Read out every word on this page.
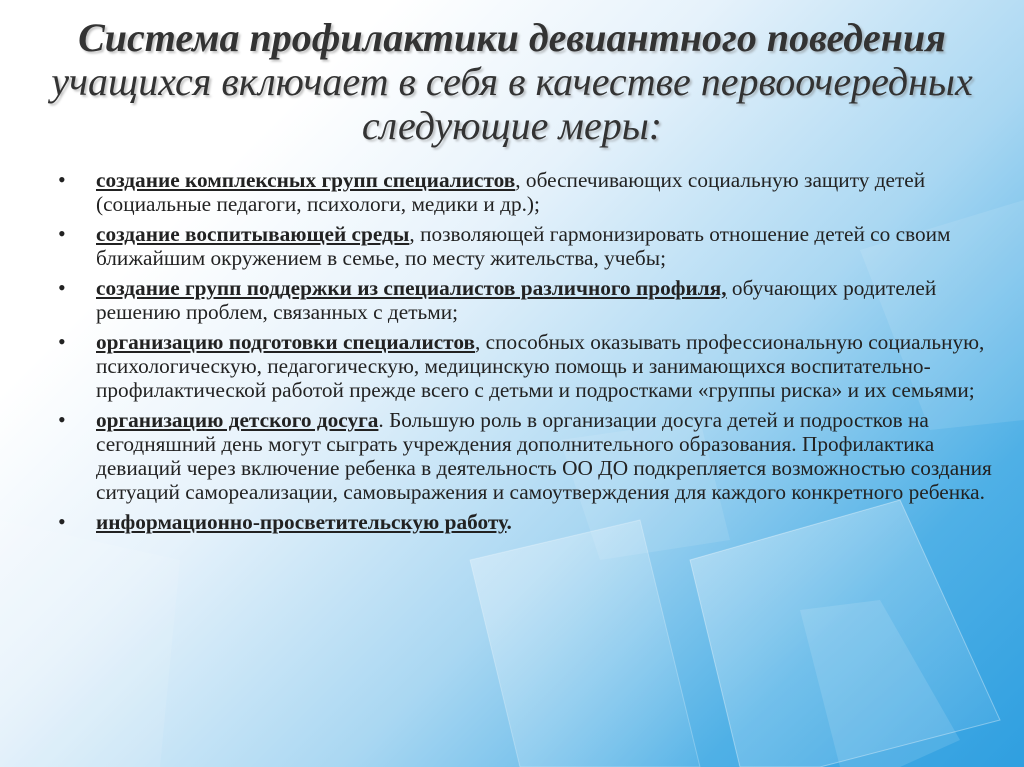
Система профилактики девиантного поведения
учащихся включает в себя в качестве первоочередных
следующие меры:
• создание комплексных групп специалистов, обеспечивающих социальную защиту детей (социальные педагоги, психологи, медики и др.);
• создание воспитывающей среды, позволяющей гармонизировать отношение детей со своим ближайшим окружением в семье, по месту жительства, учебы;
• создание групп поддержки из специалистов различного профиля, обучающих родителей решению проблем, связанных с детьми;
• организацию подготовки специалистов, способных оказывать профессиональную социальную, психологическую, педагогическую, медицинскую помощь и занимающихся воспитательно-профилактической работой прежде всего с детьми и подростками «группы риска» и их семьями;
• организацию детского досуга. Большую роль в организации досуга детей и подростков на сегодняшний день могут сыграть учреждения дополнительного образования. Профилактика девиаций через включение ребенка в деятельность ОО ДО подкрепляется возможностью создания ситуаций самореализации, самовыражения и самоутверждения для каждого конкретного ребенка.
• информационно-просветительскую работу.
